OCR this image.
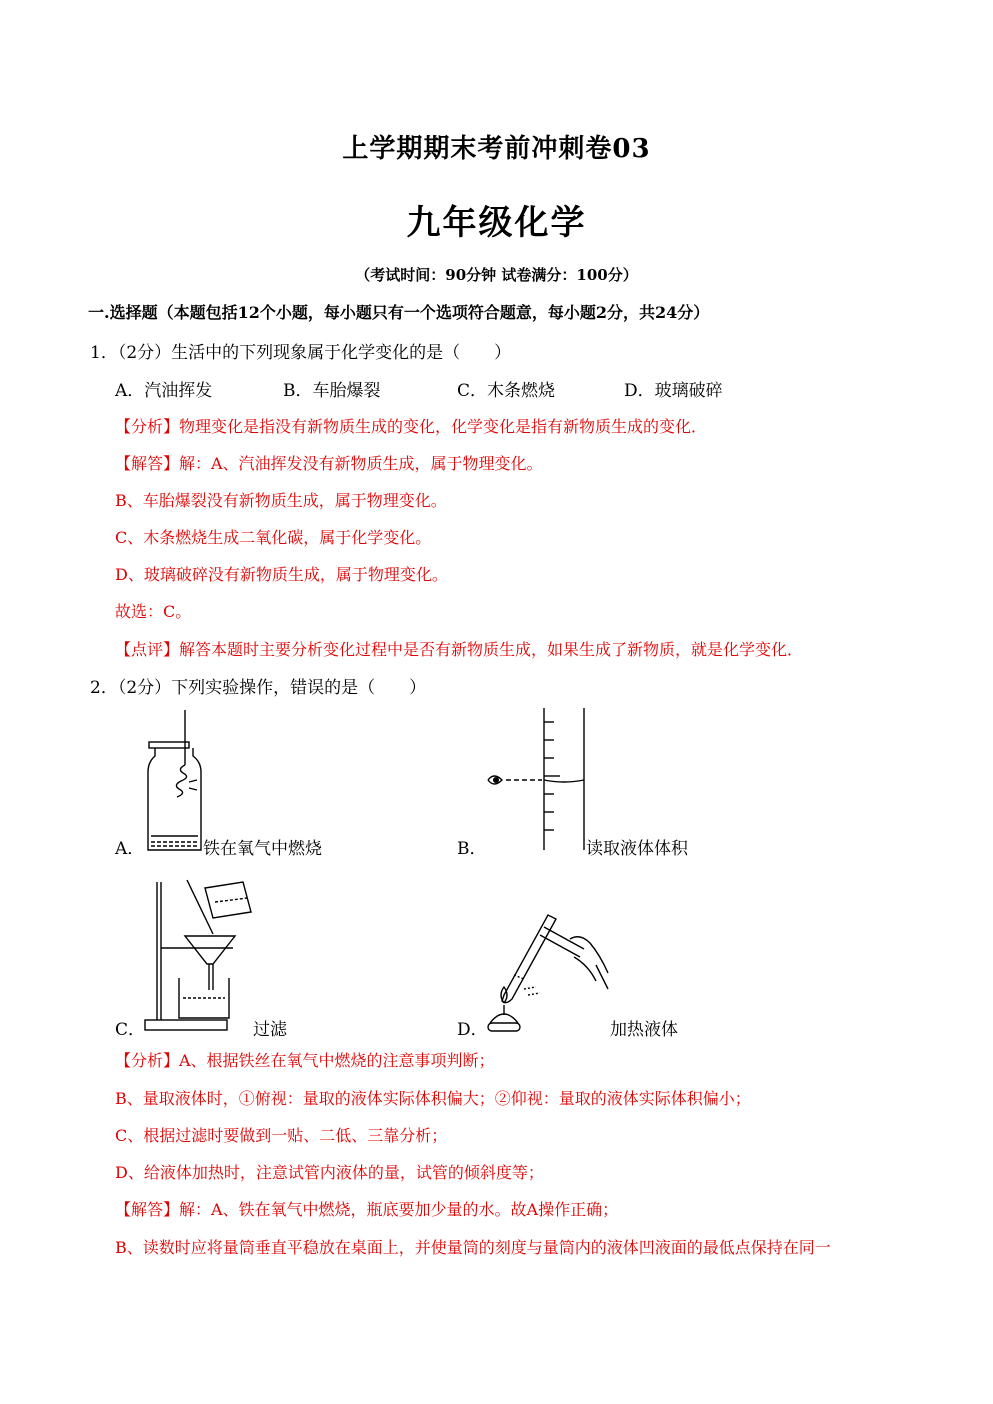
上学期期末考前冲刺卷03
九年级化学
（考试时间：90分钟 试卷满分：100分）
一.选择题（本题包括12个小题，每小题只有一个选项符合题意，每小题2分，共24分）
1．（2分）生活中的下列现象属于化学变化的是（　　）
A．汽油挥发	B．车胎爆裂	C．木条燃烧	D．玻璃破碎
【分析】物理变化是指没有新物质生成的变化，化学变化是指有新物质生成的变化．
【解答】解：A、汽油挥发没有新物质生成，属于物理变化。
B、车胎爆裂没有新物质生成，属于物理变化。
C、木条燃烧生成二氧化碳，属于化学变化。
D、玻璃破碎没有新物质生成，属于物理变化。
故选：C。
【点评】解答本题时主要分析变化过程中是否有新物质生成，如果生成了新物质，就是化学变化．
2．（2分）下列实验操作，错误的是（　　）
A．	铁在氧气中燃烧	B．	读取液体体积
C．	过滤	D．	加热液体
【分析】A、根据铁丝在氧气中燃烧的注意事项判断；
B、量取液体时，①俯视：量取的液体实际体积偏大；②仰视：量取的液体实际体积偏小；
C、根据过滤时要做到一贴、二低、三靠分析；
D、给液体加热时，注意试管内液体的量，试管的倾斜度等；
【解答】解：A、铁在氧气中燃烧，瓶底要加少量的水。故A操作正确；
B、读数时应将量筒垂直平稳放在桌面上，并使量筒的刻度与量筒内的液体凹液面的最低点保持在同一
